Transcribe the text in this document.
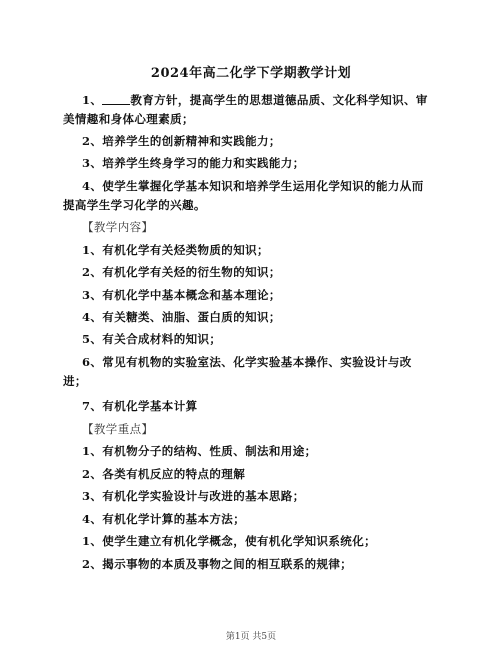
2024年高二化学下学期教学计划
1、 教育方针，提高学生的思想道德品质、文化科学知识、审
美情趣和身体心理素质；
2、培养学生的创新精神和实践能力；
3、培养学生终身学习的能力和实践能力；
4、使学生掌握化学基本知识和培养学生运用化学知识的能力从而
提高学生学习化学的兴趣。
【教学内容】
1、有机化学有关烃类物质的知识；
2、有机化学有关烃的衍生物的知识；
3、有机化学中基本概念和基本理论；
4、有关糖类、油脂、蛋白质的知识；
5、有关合成材料的知识；
6、常见有机物的实验室法、化学实验基本操作、实验设计与改
进；
7、有机化学基本计算
【教学重点】
1、有机物分子的结构、性质、制法和用途；
2、各类有机反应的特点的理解
3、有机化学实验设计与改进的基本思路；
4、有机化学计算的基本方法；
1、使学生建立有机化学概念，使有机化学知识系统化；
2、揭示事物的本质及事物之间的相互联系的规律；
第1页 共5页
